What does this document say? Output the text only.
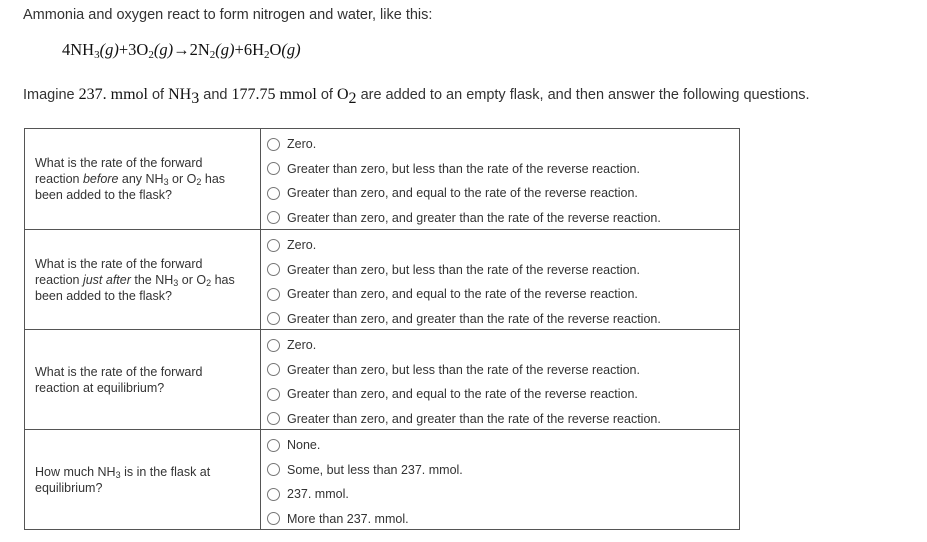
Ammonia and oxygen react to form nitrogen and water, like this:
$4NH_3(g)+3O_2(g)\to 2N_2(g)+6H_2O(g)$
Imagine 237. mmol of $NH_3$ and 177.75 mmol of $O_2$ are added to an empty flask, and then answer the following questions.
What is the rate of the forward reaction before any $NH_3$ or $O_2$ has been added to the flask?
Zero.
Greater than zero, but less than the rate of the reverse reaction.
Greater than zero, and equal to the rate of the reverse reaction.
Greater than zero, and greater than the rate of the reverse reaction.
What is the rate of the forward reaction just after the $NH_3$ or $O_2$ has been added to the flask?
Zero.
Greater than zero, but less than the rate of the reverse reaction.
Greater than zero, and equal to the rate of the reverse reaction.
Greater than zero, and greater than the rate of the reverse reaction.
What is the rate of the forward reaction at equilibrium?
Zero.
Greater than zero, but less than the rate of the reverse reaction.
Greater than zero, and equal to the rate of the reverse reaction.
Greater than zero, and greater than the rate of the reverse reaction.
How much $NH_3$ is in the flask at equilibrium?
None.
Some, but less than 237. mmol.
237. mmol.
More than 237. mmol.
